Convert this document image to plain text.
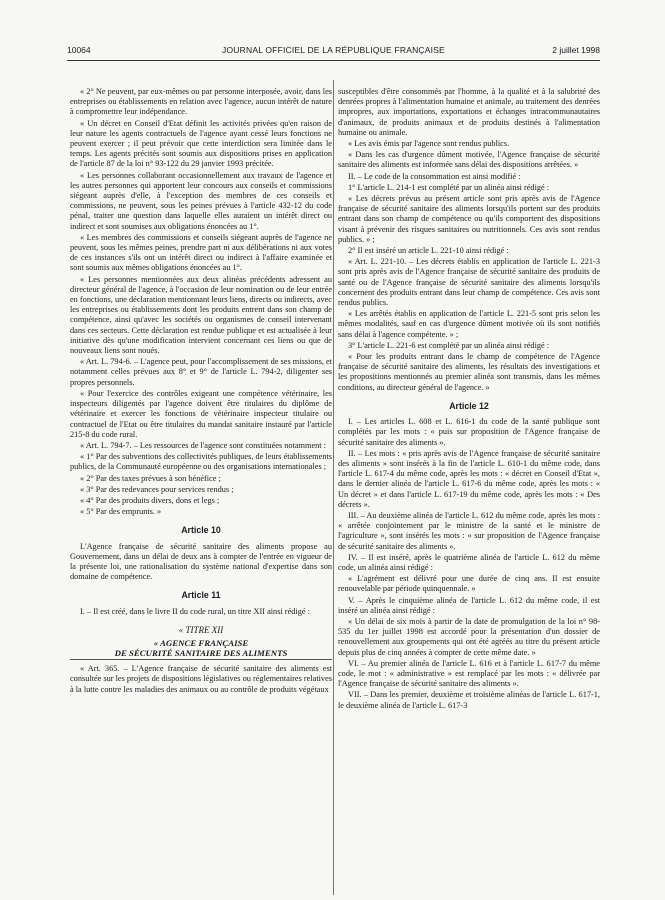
10064	JOURNAL OFFICIEL DE LA RÉPUBLIQUE FRANÇAISE	2 juillet 1998

« 2° Ne peuvent, par eux-mêmes ou par personne interposée, avoir, dans les entreprises ou établissements en relation avec l'agence, aucun intérêt de nature à compromettre leur indépendance.

« Un décret en Conseil d'Etat définit les activités privées qu'en raison de leur nature les agents contractuels de l'agence ayant cessé leurs fonctions ne peuvent exercer ; il peut prévoir que cette interdiction sera limitée dans le temps. Les agents précités sont soumis aux dispositions prises en application de l'article 87 de la loi n° 93-122 du 29 janvier 1993 précitée.

« Les personnes collaborant occasionnellement aux travaux de l'agence et les autres personnes qui apportent leur concours aux conseils et commissions siégeant auprès d'elle, à l'exception des membres de ces conseils et commissions, ne peuvent, sous les peines prévues à l'article 432-12 du code pénal, traiter une question dans laquelle elles auraient un intérêt direct ou indirect et sont soumises aux obligations énoncées au 1°.

« Les membres des commissions et conseils siégeant auprès de l'agence ne peuvent, sous les mêmes peines, prendre part ni aux délibérations ni aux votes de ces instances s'ils ont un intérêt direct ou indirect à l'affaire examinée et sont soumis aux mêmes obligations énoncées au 1°.

« Les personnes mentionnées aux deux alinéas précédents adressent au directeur général de l'agence, à l'occasion de leur nomination ou de leur entrée en fonctions, une déclaration mentionnant leurs liens, directs ou indirects, avec les entreprises ou établissements dont les produits entrent dans son champ de compétence, ainsi qu'avec les sociétés ou organismes de conseil intervenant dans ces secteurs. Cette déclaration est rendue publique et est actualisée à leur initiative dès qu'une modification intervient concernant ces liens ou que de nouveaux liens sont noués.

« Art. L. 794-6. – L'agence peut, pour l'accomplissement de ses missions, et notamment celles prévues aux 8° et 9° de l'article L. 794-2, diligenter ses propres personnels.

« Pour l'exercice des contrôles exigeant une compétence vétérinaire, les inspecteurs diligentés par l'agence doivent être titulaires du diplôme de vétérinaire et exercer les fonctions de vétérinaire inspecteur titulaire ou contractuel de l'Etat ou être titulaires du mandat sanitaire instauré par l'article 215-8 du code rural.

« Art. L. 794-7. – Les ressources de l'agence sont constituées notamment :

« 1° Par des subventions des collectivités publiques, de leurs établissements publics, de la Communauté européenne ou des organisations internationales ;

« 2° Par des taxes prévues à son bénéfice ;

« 3° Par des redevances pour services rendus ;

« 4° Par des produits divers, dons et legs ;

« 5° Par des emprunts. »

Article 10

L'Agence française de sécurité sanitaire des aliments propose au Gouvernement, dans un délai de deux ans à compter de l'entrée en vigueur de la présente loi, une rationalisation du système national d'expertise dans son domaine de compétence.

Article 11

I. – Il est créé, dans le livre II du code rural, un titre XII ainsi rédigé :

« TITRE XII
« AGENCE FRANÇAISE
DE SÉCURITÉ SANITAIRE DES ALIMENTS

« Art. 365. – L'Agence française de sécurité sanitaire des aliments est consultée sur les projets de dispositions législatives ou réglementaires relatives à la lutte contre les maladies des animaux ou au contrôle de produits végétaux

susceptibles d'être consommés par l'homme, à la qualité et à la salubrité des denrées propres à l'alimentation humaine et animale, au traitement des denrées impropres, aux importations, exportations et échanges intracommunautaires d'animaux, de produits animaux et de produits destinés à l'alimentation humaine ou animale.

« Les avis émis par l'agence sont rendus publics.

« Dans les cas d'urgence dûment motivée, l'Agence française de sécurité sanitaire des aliments est informée sans délai des dispositions arrêtées. »

II. – Le code de la consommation est ainsi modifié :

1° L'article L. 214-1 est complété par un alinéa ainsi rédigé :

« Les décrets prévus au présent article sont pris après avis de l'Agence française de sécurité sanitaire des aliments lorsqu'ils portent sur des produits entrant dans son champ de compétence ou qu'ils comportent des dispositions visant à prévenir des risques sanitaires ou nutritionnels. Ces avis sont rendus publics. » ;

2° Il est inséré un article L. 221-10 ainsi rédigé :

« Art. L. 221-10. – Les décrets établis en application de l'article L. 221-3 sont pris après avis de l'Agence française de sécurité sanitaire des produits de santé ou de l'Agence française de sécurité sanitaire des aliments lorsqu'ils concernent des produits entrant dans leur champ de compétence. Ces avis sont rendus publics.

« Les arrêtés établis en application de l'article L. 221-5 sont pris selon les mêmes modalités, sauf en cas d'urgence dûment motivée où ils sont notifiés sans délai à l'agence compétente. » ;

3° L'article L. 221-6 est complété par un alinéa ainsi rédigé :

« Pour les produits entrant dans le champ de compétence de l'Agence française de sécurité sanitaire des aliments, les résultats des investigations et les propositions mentionnés au premier alinéa sont transmis, dans les mêmes conditions, au directeur général de l'agence. »

Article 12

I. – Les articles L. 608 et L. 616-1 du code de la santé publique sont complétés par les mots : « puis sur proposition de l'Agence française de sécurité sanitaire des aliments ».

II. – Les mots : « pris après avis de l'Agence française de sécurité sanitaire des aliments » sont insérés à la fin de l'article L. 610-1 du même code, dans l'article L. 617-4 du même code, après les mots : « décret en Conseil d'Etat », dans le dernier alinéa de l'article L. 617-6 du même code, après les mots : « Un décret » et dans l'article L. 617-19 du même code, après les mots : « Des décrets ».

III. – Au deuxième alinéa de l'article L. 612 du même code, après les mots : « arrêtée conjointement par le ministre de la santé et le ministre de l'agriculture », sont insérés les mots : « sur proposition de l'Agence française de sécurité sanitaire des aliments ».

IV. – Il est inséré, après le quatrième alinéa de l'article L. 612 du même code, un alinéa ainsi rédigé :

« L'agrément est délivré pour une durée de cinq ans. Il est ensuite renouvelable par période quinquennale. »

V. – Après le cinquième alinéa de l'article L. 612 du même code, il est inséré un alinéa ainsi rédigé :

« Un délai de six mois à partir de la date de promulgation de la loi n° 98-535 du 1er juillet 1998 est accordé pour la présentation d'un dossier de renouvellement aux groupements qui ont été agréés au titre du présent article depuis plus de cinq années à compter de cette même date. »

VI. – Au premier alinéa de l'article L. 616 et à l'article L. 617-7 du même code, le mot : « administrative » est remplacé par les mots : « délivrée par l'Agence française de sécurité sanitaire des aliments ».

VII. – Dans les premier, deuxième et troisième alinéas de l'article L. 617-1, le deuxième alinéa de l'article L. 617-3
